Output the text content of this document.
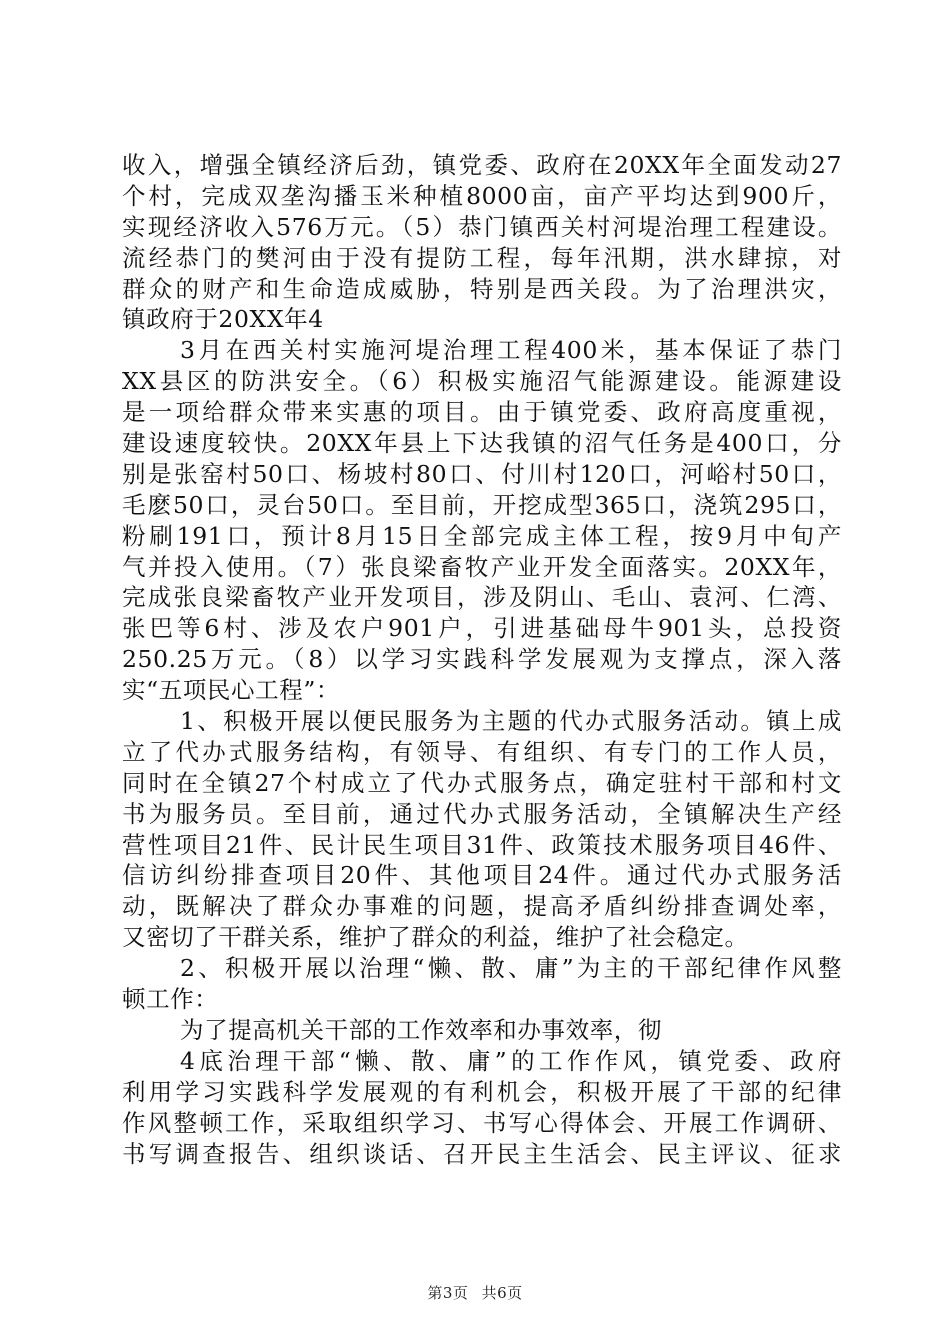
收入，增强全镇经济后劲，镇党委、政府在20XX年全面发动27
个村，完成双垄沟播玉米种植8000亩，亩产平均达到900斤，
实现经济收入576万元。（5）恭门镇西关村河堤治理工程建设。
流经恭门的樊河由于没有提防工程，每年汛期，洪水肆掠，对
群众的财产和生命造成威胁，特别是西关段。为了治理洪灾，
镇政府于20XX年4
3月在西关村实施河堤治理工程400米，基本保证了恭门
XX县区的防洪安全。（6）积极实施沼气能源建设。能源建设
是一项给群众带来实惠的项目。由于镇党委、政府高度重视，
建设速度较快。20XX年县上下达我镇的沼气任务是400口，分
别是张窑村50口、杨坡村80口、付川村120口，河峪村50口，
毛麽50口，灵台50口。至目前，开挖成型365口，浇筑295口，
粉刷191口，预计8月15日全部完成主体工程，按9月中旬产
气并投入使用。（7）张良梁畜牧产业开发全面落实。20XX年，
完成张良梁畜牧产业开发项目，涉及阴山、毛山、袁河、仁湾、
张巴等6村、涉及农户901户，引进基础母牛901头，总投资
250.25万元。（8）以学习实践科学发展观为支撑点，深入落
实“五项民心工程”：
1、积极开展以便民服务为主题的代办式服务活动。镇上成
立了代办式服务结构，有领导、有组织、有专门的工作人员，
同时在全镇27个村成立了代办式服务点，确定驻村干部和村文
书为服务员。至目前，通过代办式服务活动，全镇解决生产经
营性项目21件、民计民生项目31件、政策技术服务项目46件、
信访纠纷排查项目20件、其他项目24件。通过代办式服务活
动，既解决了群众办事难的问题，提高矛盾纠纷排查调处率，
又密切了干群关系，维护了群众的利益，维护了社会稳定。
2、积极开展以治理“懒、散、庸”为主的干部纪律作风整
顿工作：
为了提高机关干部的工作效率和办事效率，彻
4底治理干部“懒、散、庸”的工作作风，镇党委、政府
利用学习实践科学发展观的有利机会，积极开展了干部的纪律
作风整顿工作，采取组织学习、书写心得体会、开展工作调研、
书写调查报告、组织谈话、召开民主生活会、民主评议、征求
第3页 共6页
